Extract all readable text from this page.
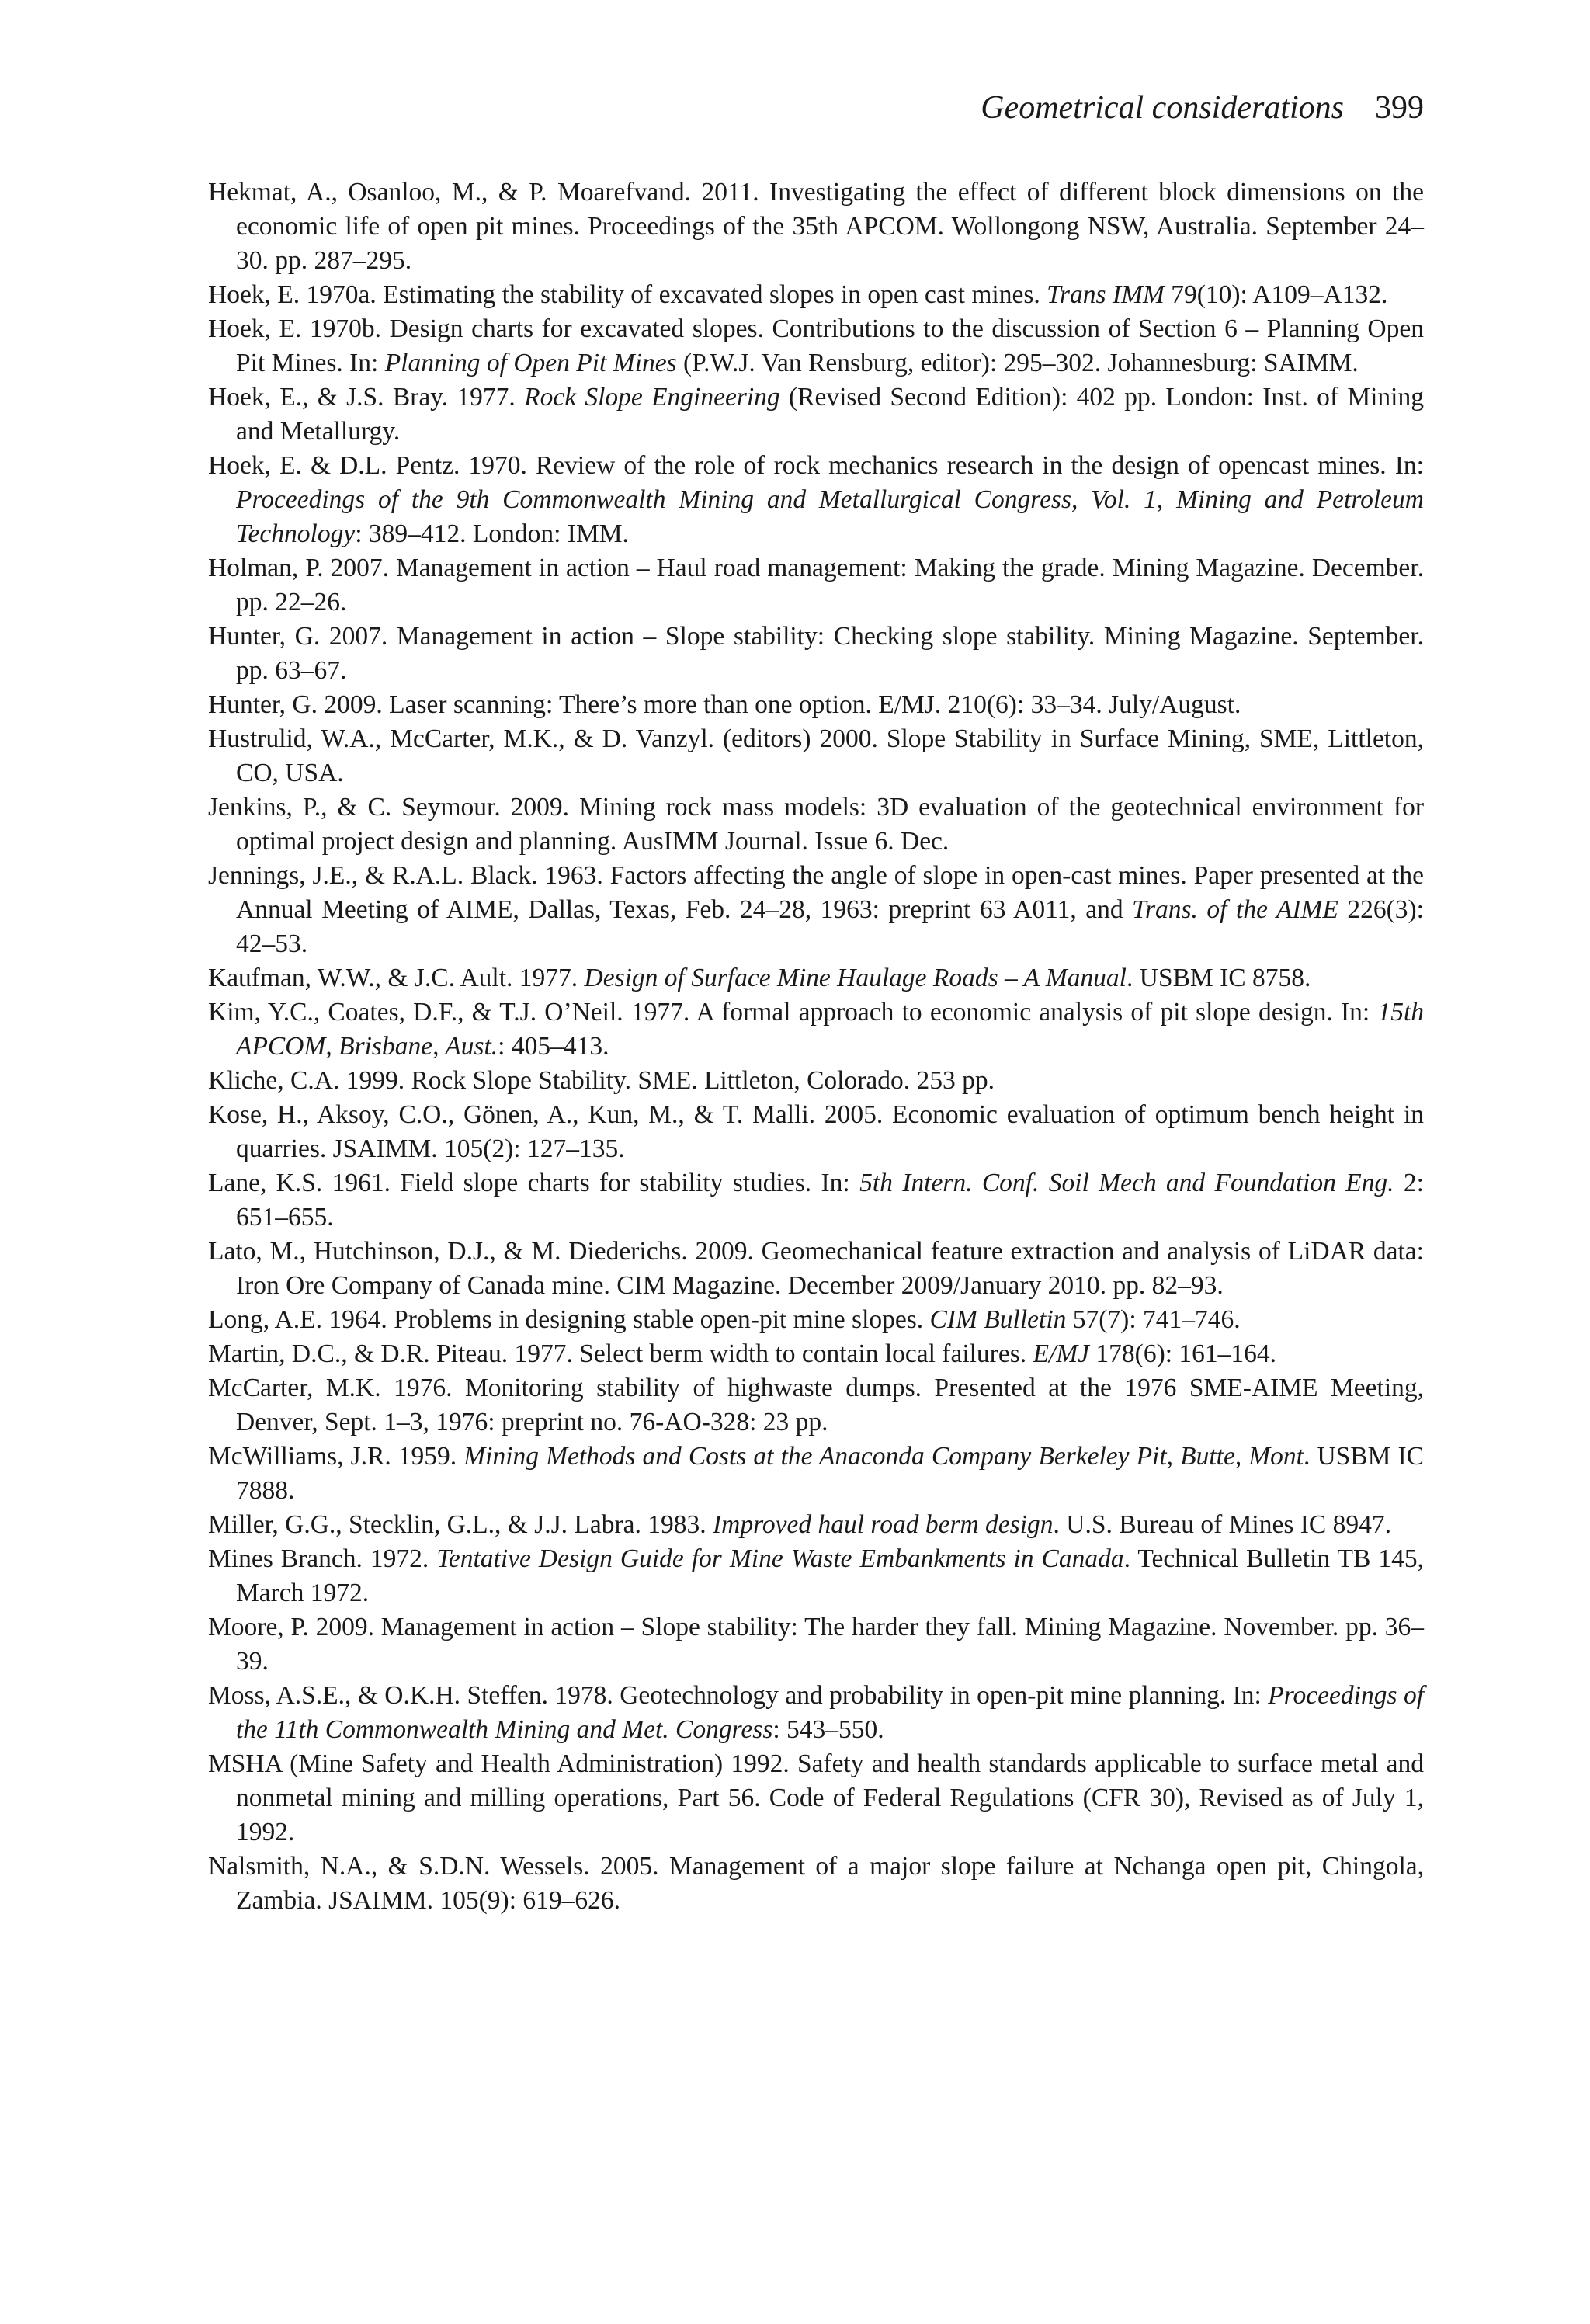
Geometrical considerations 399
Hekmat, A., Osanloo, M., & P. Moarefvand. 2011. Investigating the effect of different block dimensions on the economic life of open pit mines. Proceedings of the 35th APCOM. Wollongong NSW, Australia. September 24–30. pp. 287–295.
Hoek, E. 1970a. Estimating the stability of excavated slopes in open cast mines. Trans IMM 79(10): A109–A132.
Hoek, E. 1970b. Design charts for excavated slopes. Contributions to the discussion of Section 6 – Planning Open Pit Mines. In: Planning of Open Pit Mines (P.W.J. Van Rensburg, editor): 295–302. Johannesburg: SAIMM.
Hoek, E., & J.S. Bray. 1977. Rock Slope Engineering (Revised Second Edition): 402 pp. London: Inst. of Mining and Metallurgy.
Hoek, E. & D.L. Pentz. 1970. Review of the role of rock mechanics research in the design of opencast mines. In: Proceedings of the 9th Commonwealth Mining and Metallurgical Congress, Vol. 1, Mining and Petroleum Technology: 389–412. London: IMM.
Holman, P. 2007. Management in action – Haul road management: Making the grade. Mining Magazine. December. pp. 22–26.
Hunter, G. 2007. Management in action – Slope stability: Checking slope stability. Mining Magazine. September. pp. 63–67.
Hunter, G. 2009. Laser scanning: There’s more than one option. E/MJ. 210(6): 33–34. July/August.
Hustrulid, W.A., McCarter, M.K., & D. Vanzyl. (editors) 2000. Slope Stability in Surface Mining, SME, Littleton, CO, USA.
Jenkins, P., & C. Seymour. 2009. Mining rock mass models: 3D evaluation of the geotechnical environment for optimal project design and planning. AusIMM Journal. Issue 6. Dec.
Jennings, J.E., & R.A.L. Black. 1963. Factors affecting the angle of slope in open-cast mines. Paper presented at the Annual Meeting of AIME, Dallas, Texas, Feb. 24–28, 1963: preprint 63 A011, and Trans. of the AIME 226(3): 42–53.
Kaufman, W.W., & J.C. Ault. 1977. Design of Surface Mine Haulage Roads – A Manual. USBM IC 8758.
Kim, Y.C., Coates, D.F., & T.J. O’Neil. 1977. A formal approach to economic analysis of pit slope design. In: 15th APCOM, Brisbane, Aust.: 405–413.
Kliche, C.A. 1999. Rock Slope Stability. SME. Littleton, Colorado. 253 pp.
Kose, H., Aksoy, C.O., Gönen, A., Kun, M., & T. Malli. 2005. Economic evaluation of optimum bench height in quarries. JSAIMM. 105(2): 127–135.
Lane, K.S. 1961. Field slope charts for stability studies. In: 5th Intern. Conf. Soil Mech and Foundation Eng. 2: 651–655.
Lato, M., Hutchinson, D.J., & M. Diederichs. 2009. Geomechanical feature extraction and analysis of LiDAR data: Iron Ore Company of Canada mine. CIM Magazine. December 2009/January 2010. pp. 82–93.
Long, A.E. 1964. Problems in designing stable open-pit mine slopes. CIM Bulletin 57(7): 741–746.
Martin, D.C., & D.R. Piteau. 1977. Select berm width to contain local failures. E/MJ 178(6): 161–164.
McCarter, M.K. 1976. Monitoring stability of highwaste dumps. Presented at the 1976 SME-AIME Meeting, Denver, Sept. 1–3, 1976: preprint no. 76-AO-328: 23 pp.
McWilliams, J.R. 1959. Mining Methods and Costs at the Anaconda Company Berkeley Pit, Butte, Mont. USBM IC 7888.
Miller, G.G., Stecklin, G.L., & J.J. Labra. 1983. Improved haul road berm design. U.S. Bureau of Mines IC 8947.
Mines Branch. 1972. Tentative Design Guide for Mine Waste Embankments in Canada. Technical Bulletin TB 145, March 1972.
Moore, P. 2009. Management in action – Slope stability: The harder they fall. Mining Magazine. November. pp. 36–39.
Moss, A.S.E., & O.K.H. Steffen. 1978. Geotechnology and probability in open-pit mine planning. In: Proceedings of the 11th Commonwealth Mining and Met. Congress: 543–550.
MSHA (Mine Safety and Health Administration) 1992. Safety and health standards applicable to surface metal and nonmetal mining and milling operations, Part 56. Code of Federal Regulations (CFR 30), Revised as of July 1, 1992.
Nalsmith, N.A., & S.D.N. Wessels. 2005. Management of a major slope failure at Nchanga open pit, Chingola, Zambia. JSAIMM. 105(9): 619–626.
